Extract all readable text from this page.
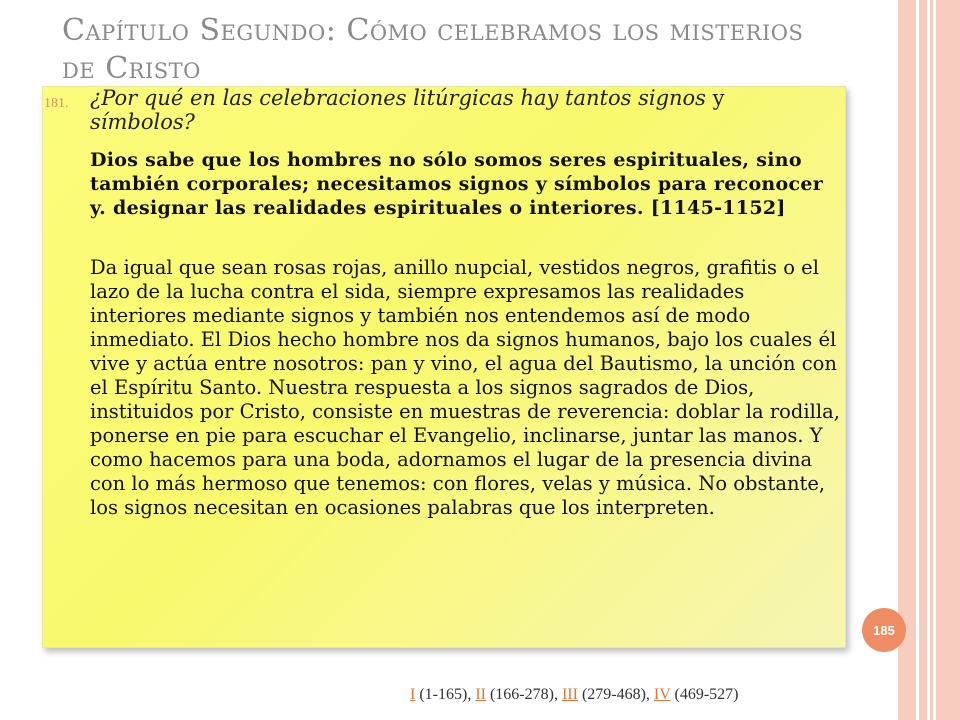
Capítulo Segundo: Cómo celebramos los misterios
de Cristo
181. ¿Por qué en las celebraciones litúrgicas hay tantos signos y
símbolos?

Dios sabe que los hombres no sólo somos seres espirituales, sino también corporales; necesitamos signos y símbolos para reconocer y. designar las realidades espirituales o interiores. [1145-1152]

Da igual que sean rosas rojas, anillo nupcial, vestidos negros, grafitis o el lazo de la lucha contra el sida, siempre expresamos las realidades interiores mediante signos y también nos entendemos así de modo inmediato. El Dios hecho hombre nos da signos humanos, bajo los cuales él vive y actúa entre nosotros: pan y vino, el agua del Bautismo, la unción con el Espíritu Santo. Nuestra respuesta a los signos sagrados de Dios, instituidos por Cristo, consiste en muestras de reverencia: doblar la rodilla, ponerse en pie para escuchar el Evangelio, inclinarse, juntar las manos. Y como hacemos para una boda, adornamos el lugar de la presencia divina con lo más hermoso que tenemos: con flores, velas y música. No obstante, los signos necesitan en ocasiones palabras que los interpreten.

185
I (1-165), II (166-278), III (279-468), IV (469-527)
